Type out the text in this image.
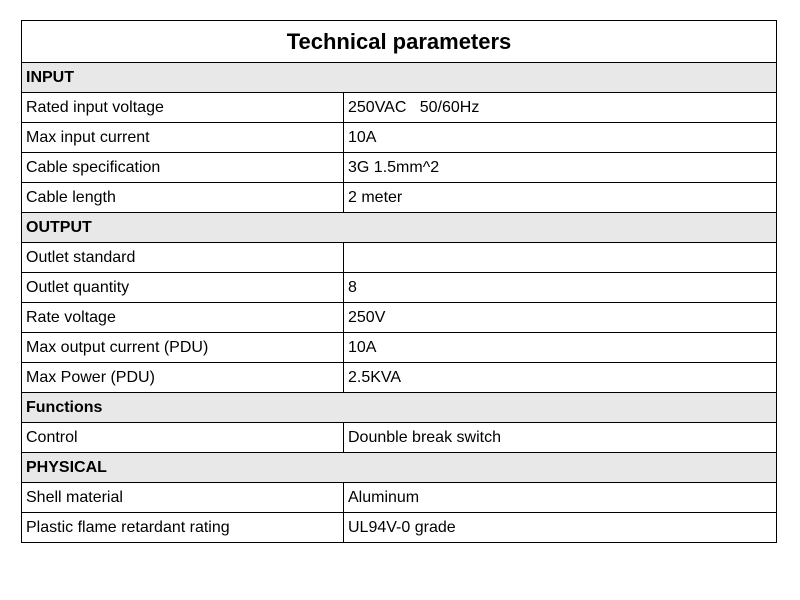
Technical parameters	
INPUT	
Rated input voltage	250VAC   50/60Hz
Max input current	10A
Cable specification	3G 1.5mm^2
Cable length	2 meter
OUTPUT	
Outlet standard	
Outlet quantity	8
Rate voltage	250V
Max output current (PDU)	10A
Max Power (PDU)	2.5KVA
Functions	
Control	Dounble break switch
PHYSICAL	
Shell material	Aluminum
Plastic flame retardant rating	UL94V-0 grade
